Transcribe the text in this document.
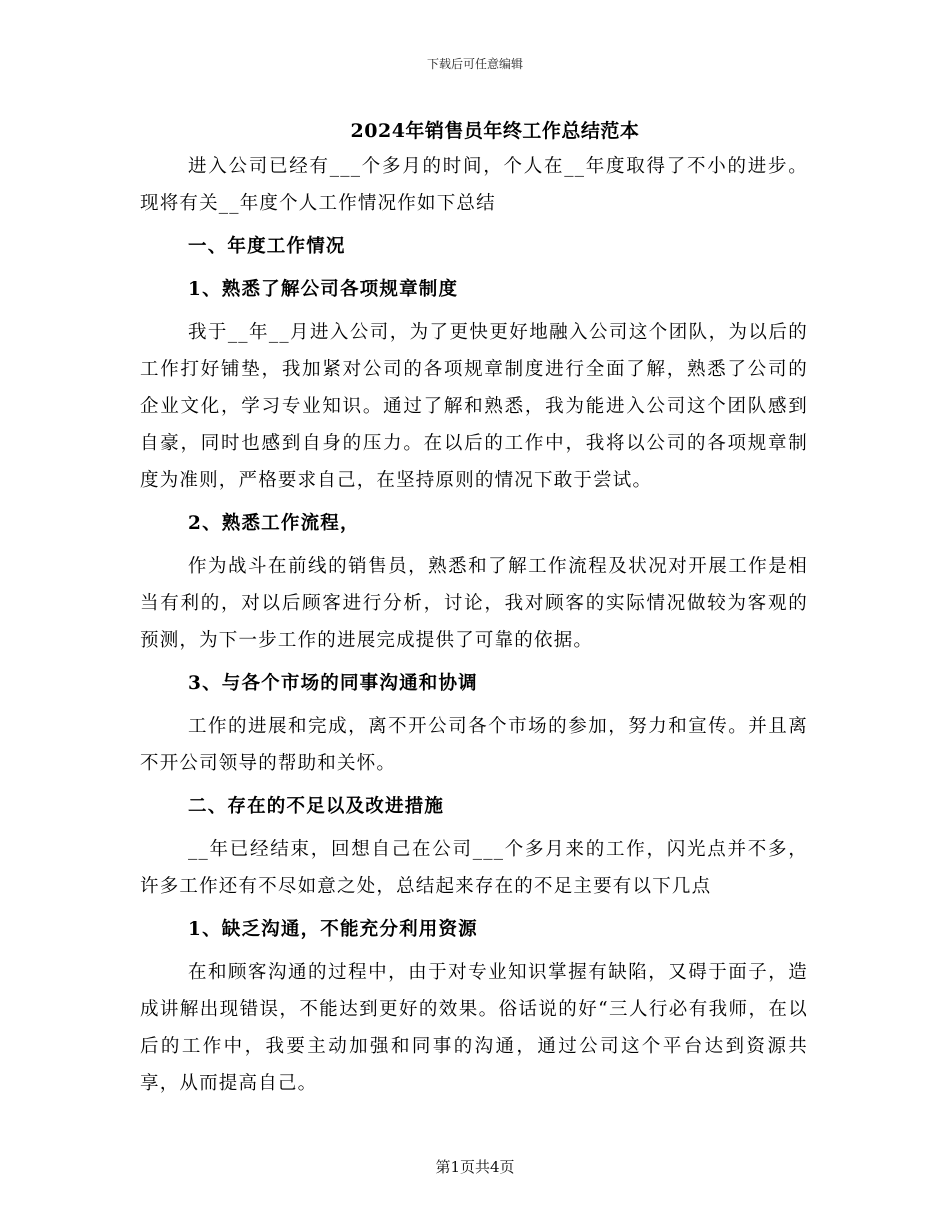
下载后可任意编辑
2024年销售员年终工作总结范本

进入公司已经有___个多月的时间，个人在__年度取得了不小的进步。现将有关__年度个人工作情况作如下总结

一、年度工作情况
1、熟悉了解公司各项规章制度

我于__年__月进入公司，为了更快更好地融入公司这个团队，为以后的工作打好铺垫，我加紧对公司的各项规章制度进行全面了解，熟悉了公司的企业文化，学习专业知识。通过了解和熟悉，我为能进入公司这个团队感到自豪，同时也感到自身的压力。在以后的工作中，我将以公司的各项规章制度为准则，严格要求自己，在坚持原则的情况下敢于尝试。

2、熟悉工作流程，

作为战斗在前线的销售员，熟悉和了解工作流程及状况对开展工作是相当有利的，对以后顾客进行分析，讨论，我对顾客的实际情况做较为客观的预测，为下一步工作的进展完成提供了可靠的依据。

3、与各个市场的同事沟通和协调

工作的进展和完成，离不开公司各个市场的参加，努力和宣传。并且离不开公司领导的帮助和关怀。

二、存在的不足以及改进措施

__年已经结束，回想自己在公司___个多月来的工作，闪光点并不多，许多工作还有不尽如意之处，总结起来存在的不足主要有以下几点

1、缺乏沟通，不能充分利用资源

在和顾客沟通的过程中，由于对专业知识掌握有缺陷，又碍于面子，造成讲解出现错误，不能达到更好的效果。俗话说的好“三人行必有我师，在以后的工作中，我要主动加强和同事的沟通，通过公司这个平台达到资源共享，从而提高自己。

第1页共4页
